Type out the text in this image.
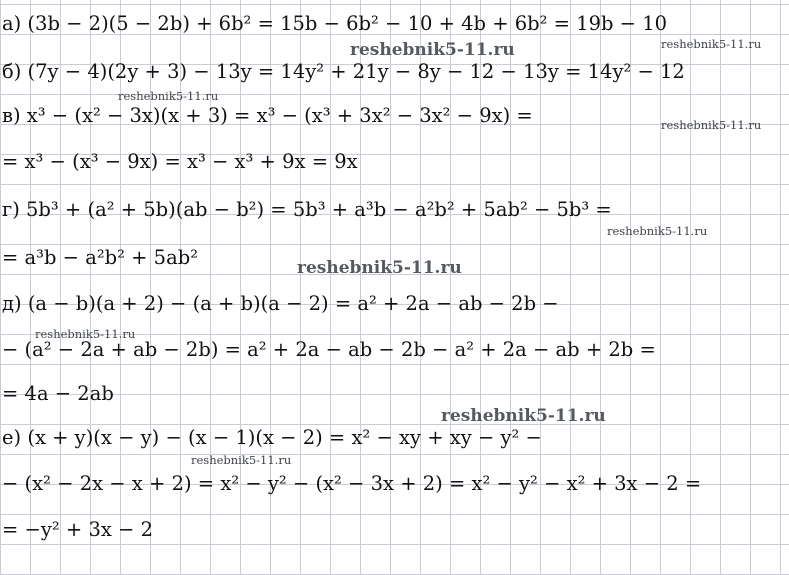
а) (3b − 2)(5 − 2b) + 6b² = 15b − 6b² − 10 + 4b + 6b² = 19b − 10
б) (7y − 4)(2y + 3) − 13y = 14y² + 21y − 8y − 12 − 13y = 14y² − 12
в) x³ − (x² − 3x)(x + 3) = x³ − (x³ + 3x² − 3x² − 9x) =
= x³ − (x³ − 9x) = x³ − x³ + 9x = 9x
г) 5b³ + (a² + 5b)(ab − b²) = 5b³ + a³b − a²b² + 5ab² − 5b³ =
= a³b − a²b² + 5ab²
д) (a − b)(a + 2) − (a + b)(a − 2) = a² + 2a − ab − 2b −
− (a² − 2a + ab − 2b) = a² + 2a − ab − 2b − a² + 2a − ab + 2b =
= 4a − 2ab
е) (x + y)(x − y) − (x − 1)(x − 2) = x² − xy + xy − y² −
− (x² − 2x − x + 2) = x² − y² − (x² − 3x + 2) = x² − y² − x² + 3x − 2 =
= −y² + 3x − 2
reshebnik5-11.ru	reshebnik5-11.ru
reshebnik5-11.ru
reshebnik5-11.ru
reshebnik5-11.ru
reshebnik5-11.ru
reshebnik5-11.ru
reshebnik5-11.ru
reshebnik5-11.ru
